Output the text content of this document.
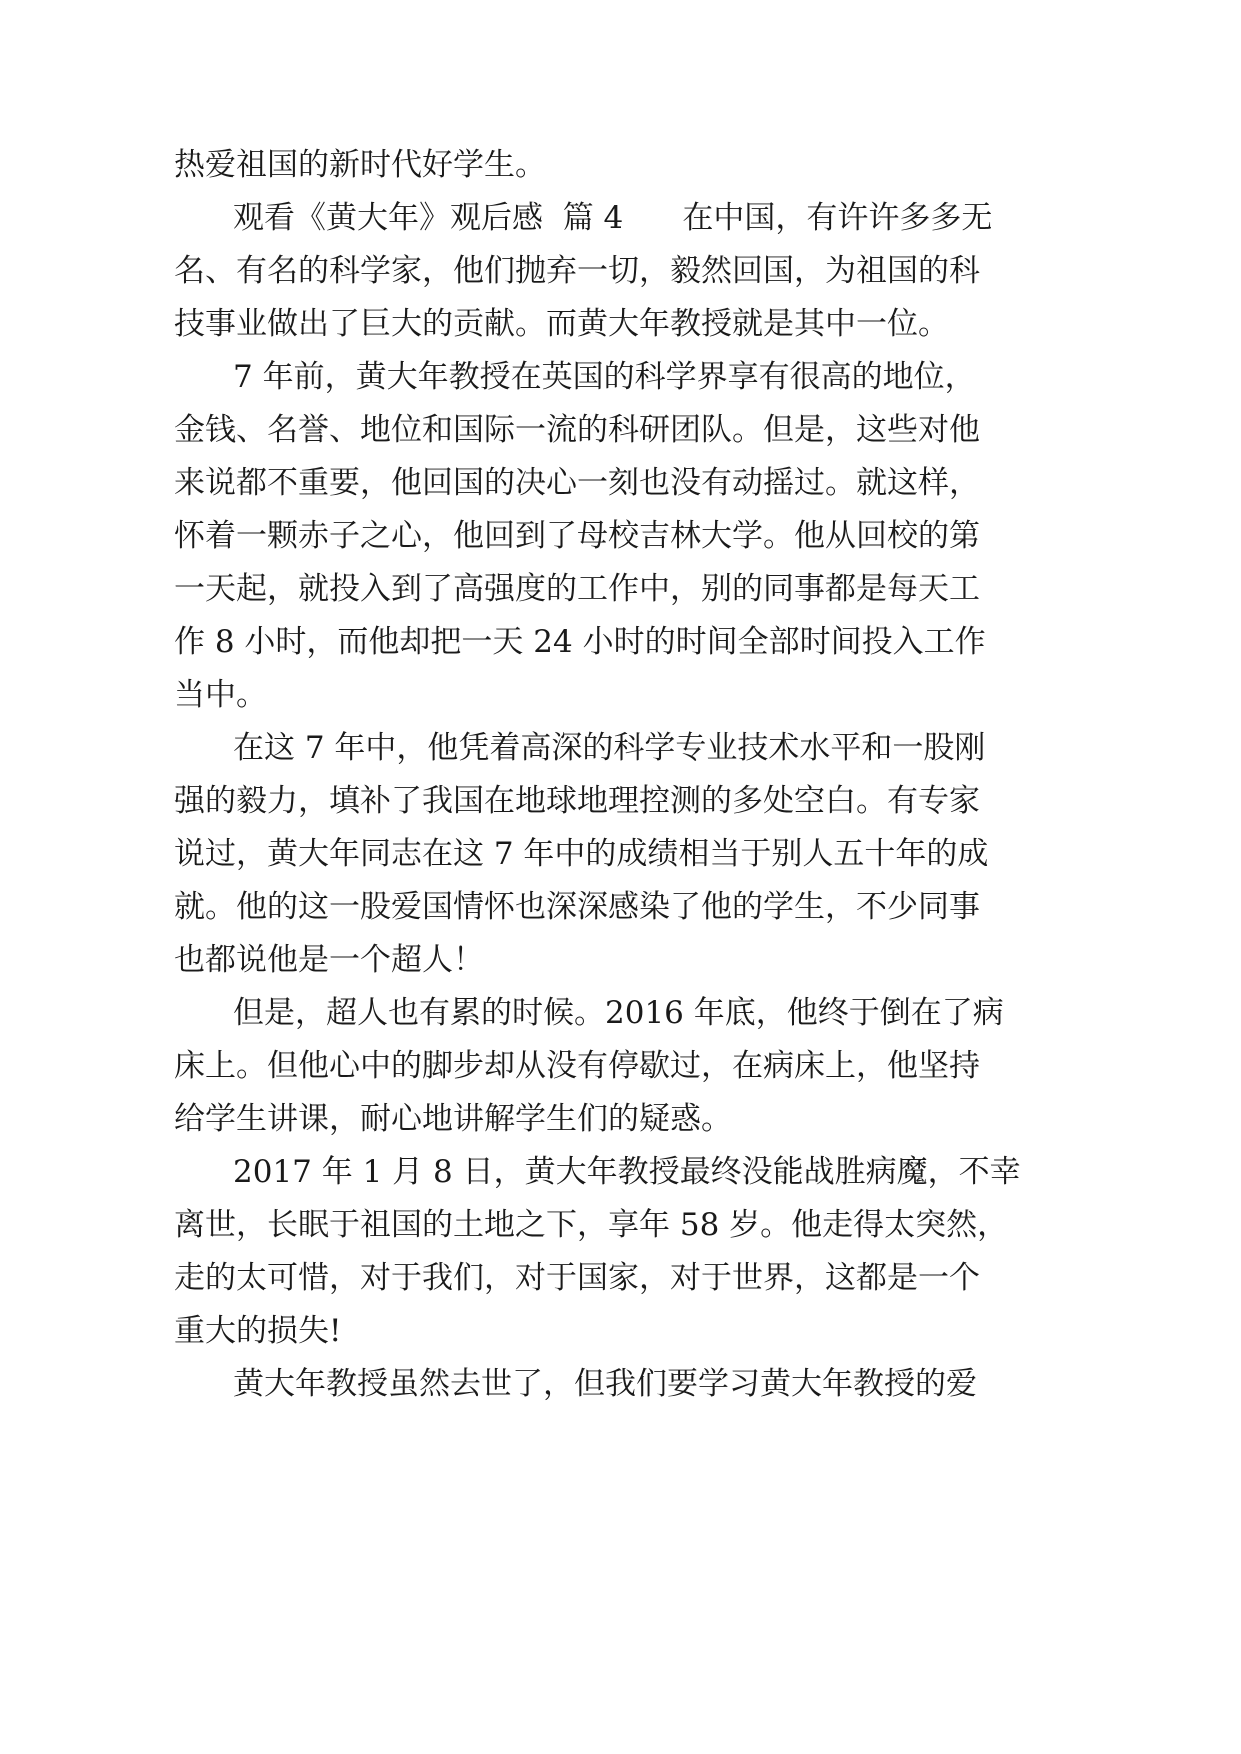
热爱祖国的新时代好学生。
观看《黄大年》观后感  篇 4      在中国，有许许多多无
名、有名的科学家，他们抛弃一切，毅然回国，为祖国的科
技事业做出了巨大的贡献。而黄大年教授就是其中一位。
7 年前，黄大年教授在英国的科学界享有很高的地位，
金钱、名誉、地位和国际一流的科研团队。但是，这些对他
来说都不重要，他回国的决心一刻也没有动摇过。就这样，
怀着一颗赤子之心，他回到了母校吉林大学。他从回校的第
一天起，就投入到了高强度的工作中，别的同事都是每天工
作 8 小时，而他却把一天 24 小时的时间全部时间投入工作
当中。
在这 7 年中，他凭着高深的科学专业技术水平和一股刚
强的毅力，填补了我国在地球地理控测的多处空白。有专家
说过，黄大年同志在这 7 年中的成绩相当于别人五十年的成
就。他的这一股爱国情怀也深深感染了他的学生，不少同事
也都说他是一个超人！
但是，超人也有累的时候。2016 年底，他终于倒在了病
床上。但他心中的脚步却从没有停歇过，在病床上，他坚持
给学生讲课，耐心地讲解学生们的疑惑。
2017 年 1 月 8 日，黄大年教授最终没能战胜病魔，不幸
离世，长眠于祖国的土地之下，享年 58 岁。他走得太突然，
走的太可惜，对于我们，对于国家，对于世界，这都是一个
重大的损失!
黄大年教授虽然去世了，但我们要学习黄大年教授的爱
